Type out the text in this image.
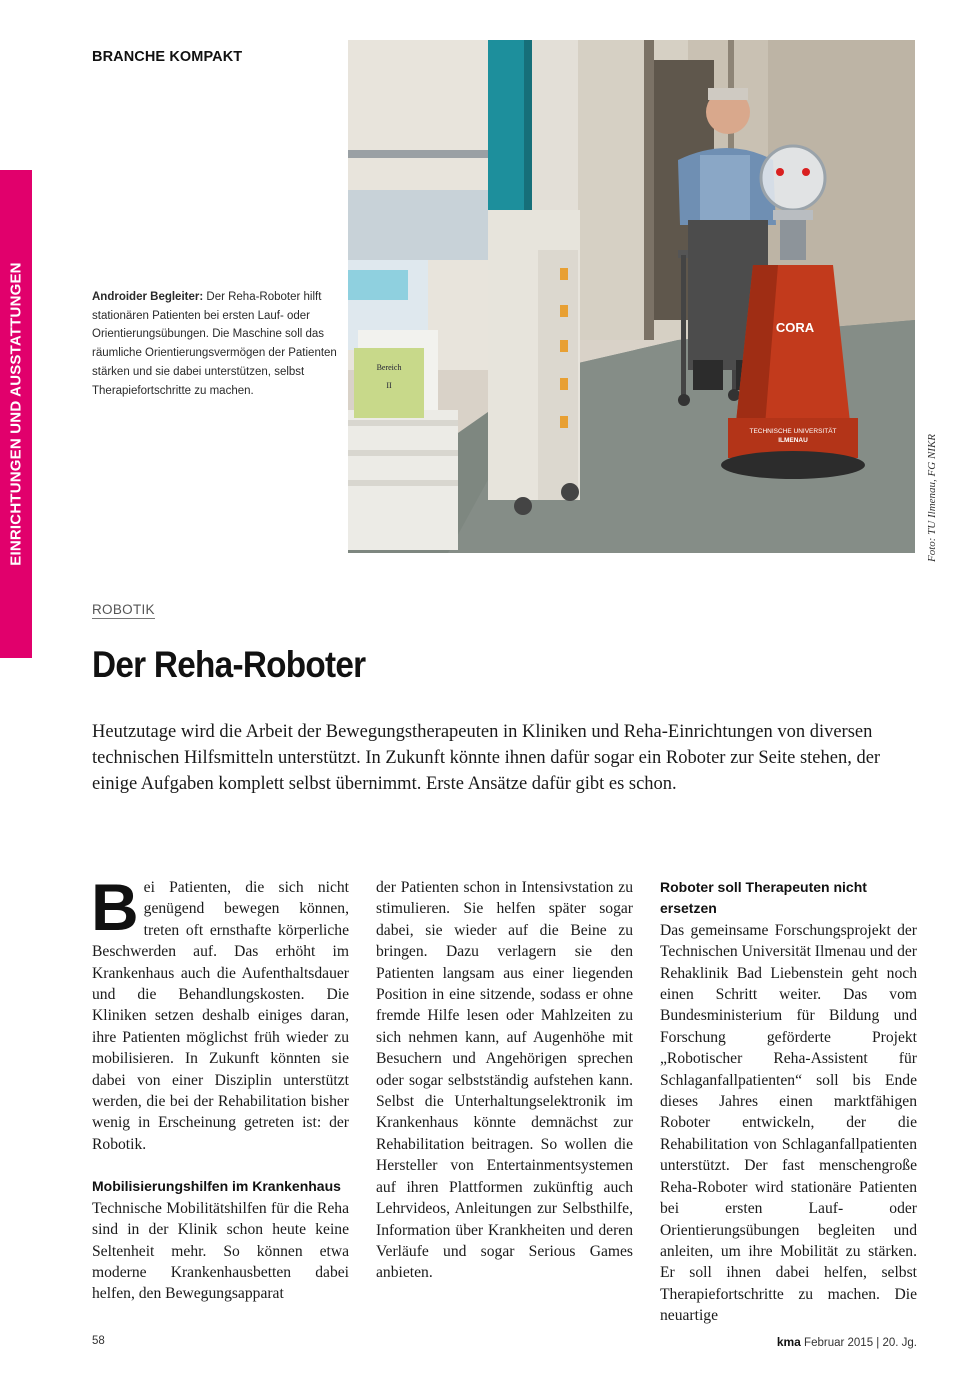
EINRICHTUNGEN UND AUSSTATTUNGEN
BRANCHE KOMPAKT
Bereich
II
CORA
TECHNISCHE UNIVERSITÄT
ILMENAU	Foto: TU Ilmenau, FG NIKR
Androider Begleiter: Der Reha-Roboter hilft stationären Patienten bei ersten Lauf- oder Orientierungsübungen. Die Maschine soll das räumliche Orientierungsvermögen der Patienten stärken und sie dabei unterstützen, selbst Therapiefortschritte zu machen.
ROBOTIK
Der Reha-Roboter

Heutzutage wird die Arbeit der Bewegungstherapeuten in Kliniken und Reha-Einrichtungen von diversen technischen Hilfsmitteln unterstützt. In Zukunft könnte ihnen dafür sogar ein Roboter zur Seite stehen, der einige Aufgaben komplett selbst übernimmt. Erste Ansätze dafür gibt es schon.

Bei Patienten, die sich nicht genügend bewegen können, treten oft ernsthafte körperliche Beschwerden auf. Das erhöht im Krankenhaus auch die Aufenthaltsdauer und die Behandlungskosten. Die Kliniken setzen deshalb einiges daran, ihre Patienten möglichst früh wieder zu mobilisieren. In Zukunft könnten sie dabei von einer Disziplin unterstützt werden, die bei der Rehabilitation bisher wenig in Erscheinung getreten ist: der Robotik.

Mobilisierungshilfen im Krankenhaus

Technische Mobilitätshilfen für die Reha sind in der Klinik schon heute keine Seltenheit mehr. So können etwa moderne Krankenhausbetten dabei helfen, den Bewegungsapparat

der Patienten schon in Intensivstation zu stimulieren. Sie helfen später sogar dabei, sie wieder auf die Beine zu bringen. Dazu verlagern sie den Patienten langsam aus einer liegenden Position in eine sitzende, sodass er ohne fremde Hilfe lesen oder Mahlzeiten zu sich nehmen kann, auf Augenhöhe mit Besuchern und Angehörigen sprechen oder sogar selbstständig aufstehen kann. Selbst die Unterhaltungselektronik im Krankenhaus könnte demnächst zur Rehabilitation beitragen. So wollen die Hersteller von Entertainmentsystemen auf ihren Plattformen zukünftig auch Lehrvideos, Anleitungen zur Selbsthilfe, Information über Krankheiten und deren Verläufe und sogar Serious Games anbieten.

Roboter soll Therapeuten nicht ersetzen

Das gemeinsame Forschungsprojekt der Technischen Universität Ilmenau und der Rehaklinik Bad Liebenstein geht noch einen Schritt weiter. Das vom Bundesministerium für Bildung und Forschung geförderte Projekt „Robotischer Reha-Assistent für Schlaganfallpatienten“ soll bis Ende dieses Jahres einen marktfähigen Roboter entwickeln, der die Rehabilitation von Schlaganfallpatienten unterstützt. Der fast menschengroße Reha-Roboter wird stationäre Patienten bei ersten Lauf- oder Orientierungsübungen begleiten und anleiten, um ihre Mobilität zu stärken. Er soll ihnen dabei helfen, selbst Therapiefortschritte zu machen. Die neuartige

58	kma Februar 2015 | 20. Jg.
